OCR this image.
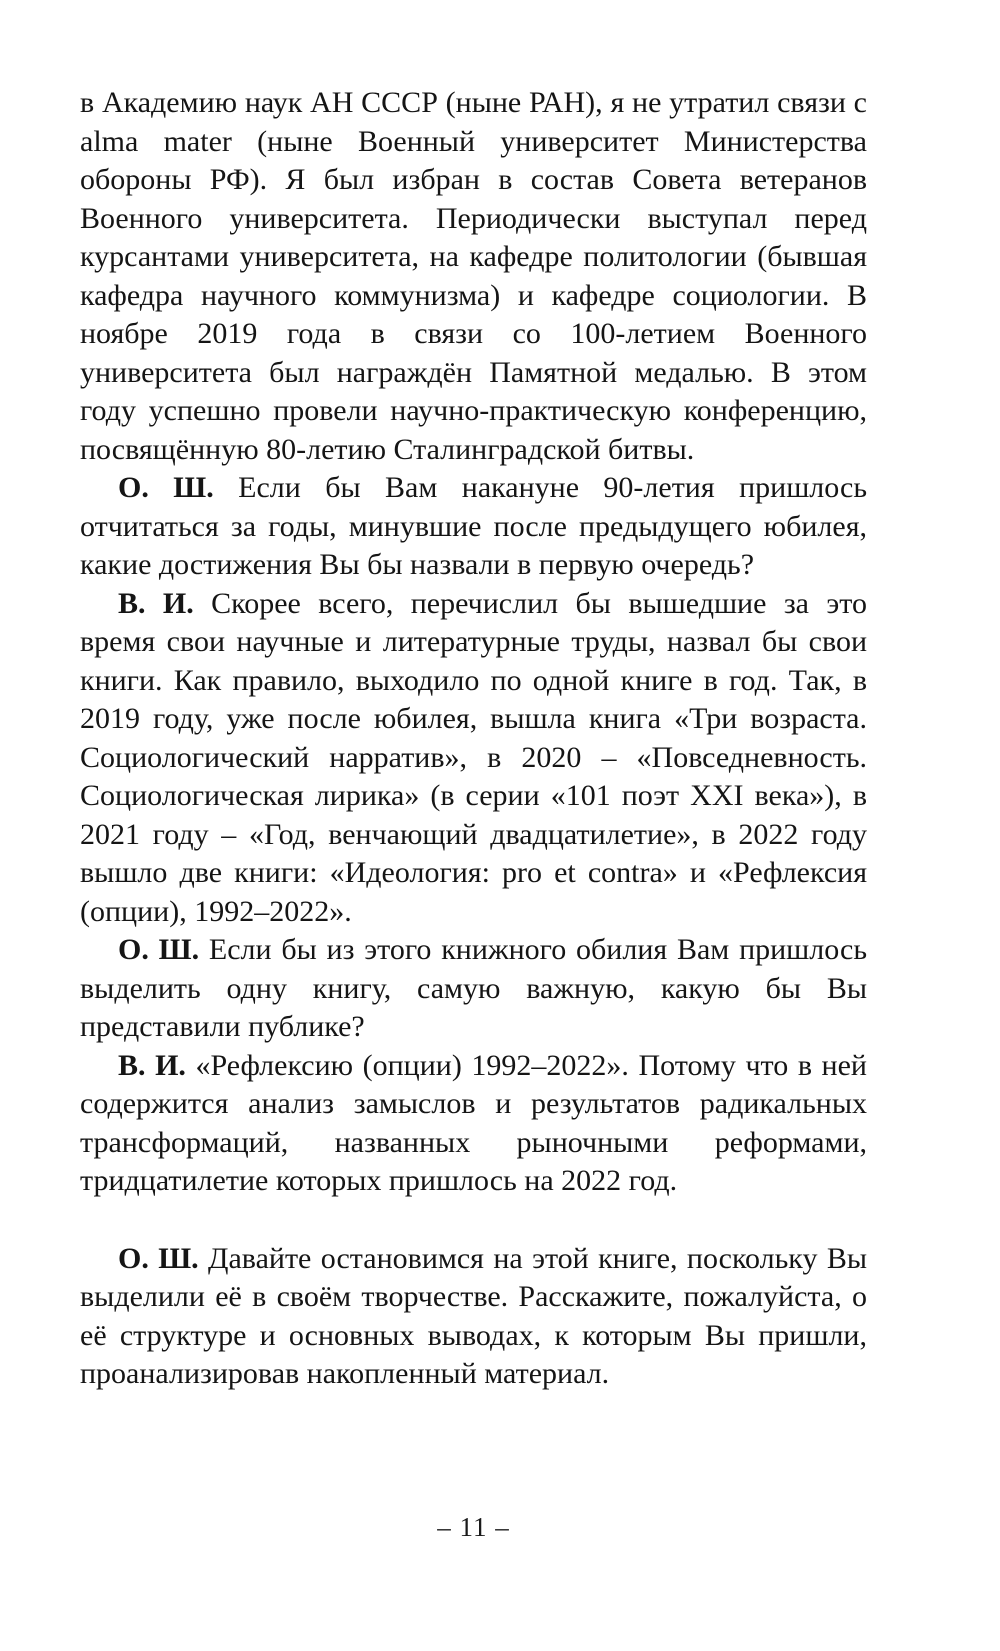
в Академию наук АН СССР (ныне РАН), я не утратил связи с alma mater (ныне Военный университет Министерства обороны РФ). Я был избран в состав Совета ветеранов Военного университета. Периодически выступал перед курсантами университета, на кафедре политологии (бывшая кафедра научного коммунизма) и кафедре социологии. В ноябре 2019 года в связи со 100-летием Военного университета был награждён Памятной медалью. В этом году успешно провели научно-практическую конференцию, посвящённую 80-летию Сталинградской битвы.

О. Ш. Если бы Вам накануне 90-летия пришлось отчитаться за годы, минувшие после предыдущего юбилея, какие достижения Вы бы назвали в первую очередь?

В. И. Скорее всего, перечислил бы вышедшие за это время свои научные и литературные труды, назвал бы свои книги. Как правило, выходило по одной книге в год. Так, в 2019 году, уже после юбилея, вышла книга «Три возраста. Социологический нарратив», в 2020 – «Повседневность. Социологическая лирика» (в серии «101 поэт XXI века»), в 2021 году – «Год, венчающий двадцатилетие», в 2022 году вышло две книги: «Идеология: pro et contra» и «Рефлексия (опции), 1992–2022».

О. Ш. Если бы из этого книжного обилия Вам пришлось выделить одну книгу, самую важную, какую бы Вы представили публике?

В. И. «Рефлексию (опции) 1992–2022». Потому что в ней содержится анализ замыслов и результатов радикальных трансформаций, названных рыночными реформами, тридцатилетие которых пришлось на 2022 год.

О. Ш. Давайте остановимся на этой книге, поскольку Вы выделили её в своём творчестве. Расскажите, пожалуйста, о её структуре и основных выводах, к которым Вы пришли, проанализировав накопленный материал.

– 11 –
